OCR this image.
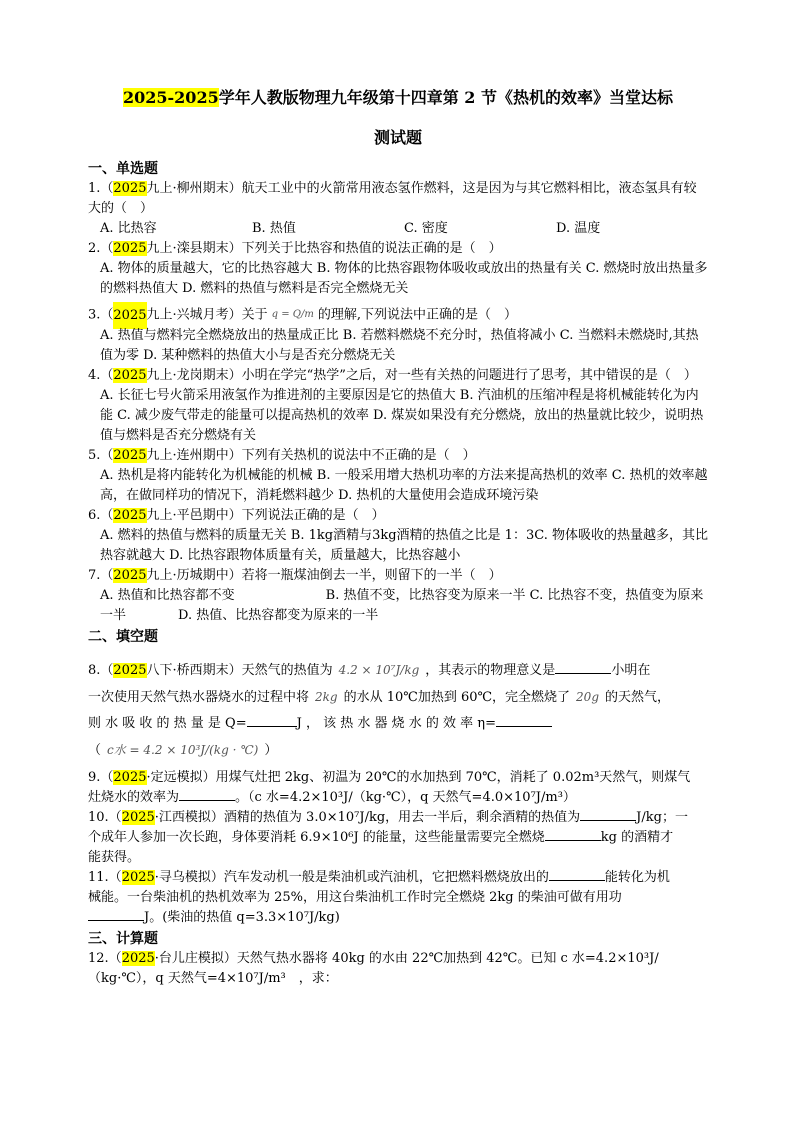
2025-2025学年人教版物理九年级第十四章第 2 节《热机的效率》当堂达标
测试题
一、单选题
1.（2025九上·柳州期末）航天工业中的火箭常用液态氢作燃料，这是因为与其它燃料相比，液态氢具有较大的（　）
A. 比热容	B. 热值	C. 密度	D. 温度
2.（2025九上·滦县期末）下列关于比热容和热值的说法正确的是（　）
A. 物体的质量越大，它的比热容越大 B. 物体的比热容跟物体吸收或放出的热量有关 C. 燃烧时放出热量多的燃料热值大 D. 燃料的热值与燃料是否完全燃烧无关
3.（2025九上·兴城月考）关于 q = Q/m 的理解,下列说法中正确的是（　）
A. 热值与燃料完全燃烧放出的热量成正比 B. 若燃料燃烧不充分时，热值将减小 C. 当燃料未燃烧时,其热值为零 D. 某种燃料的热值大小与是否充分燃烧无关
4.（2025九上·龙岗期末）小明在学完“热学”之后，对一些有关热的问题进行了思考，其中错误的是（　）
A. 长征七号火箭采用液氢作为推进剂的主要原因是它的热值大 B. 汽油机的压缩冲程是将机械能转化为内能 C. 减少废气带走的能量可以提高热机的效率 D. 煤炭如果没有充分燃烧，放出的热量就比较少，说明热值与燃料是否充分燃烧有关
5.（2025九上·连州期中）下列有关热机的说法中不正确的是（　）
A. 热机是将内能转化为机械能的机械 B. 一般采用增大热机功率的方法来提高热机的效率 C. 热机的效率越高，在做同样功的情况下，消耗燃料越少 D. 热机的大量使用会造成环境污染
6.（2025九上·平邑期中）下列说法正确的是（　）
A. 燃料的热值与燃料的质量无关 B. 1kg酒精与3kg酒精的热值之比是 1：3C. 物体吸收的热量越多，其比热容就越大 D. 比热容跟物体质量有关，质量越大，比热容越小
7.（2025九上·历城期中）若将一瓶煤油倒去一半，则留下的一半（　）
A. 热值和比热容都不变　　　　　　　B. 热值不变，比热容变为原来一半 C. 比热容不变，热值变为原来一半　　　　D. 热值、比热容都变为原来的一半
二、填空题
8.（2025八下·桥西期末）天然气的热值为 4.2 × 10⁷J/kg ，其表示的物理意义是	小明在
一次使用天然气热水器烧水的过程中将 2kg 的水从 10℃加热到 60℃，完全燃烧了 20g 的天然气，
则 水 吸 收 的 热 量 是 Q=	J ， 该 热 水 器 烧 水 的 效 率 η=
（ c水 = 4.2 × 10³J/(kg · ℃) ）
9.（2025·定远模拟）用煤气灶把 2kg、初温为 20℃的水加热到 70℃，消耗了 0.02m³天然气，则煤气
灶烧水的效率为	。（c 水=4.2×10³J/（kg·℃），q 天然气=4.0×10⁷J/m³）
10.（2025·江西模拟）酒精的热值为 3.0×10⁷J/kg，用去一半后，剩余酒精的热值为	J/kg；一
个成年人参加一次长跑，身体要消耗 6.9×10⁶J 的能量，这些能量需要完全燃烧	kg 的酒精才
能获得。
11.（2025·寻乌模拟）汽车发动机一般是柴油机或汽油机，它把燃料燃烧放出的	能转化为机
械能。一台柴油机的热机效率为 25%，用这台柴油机工作时完全燃烧 2kg 的柴油可做有用功
J。(柴油的热值 q=3.3×10⁷J/kg)
三、计算题
12.（2025·台儿庄模拟）天然气热水器将 40kg 的水由 22℃加热到 42℃。已知 c 水=4.2×10³J/
（kg·℃），q 天然气=4×10⁷J/m³　，求：
